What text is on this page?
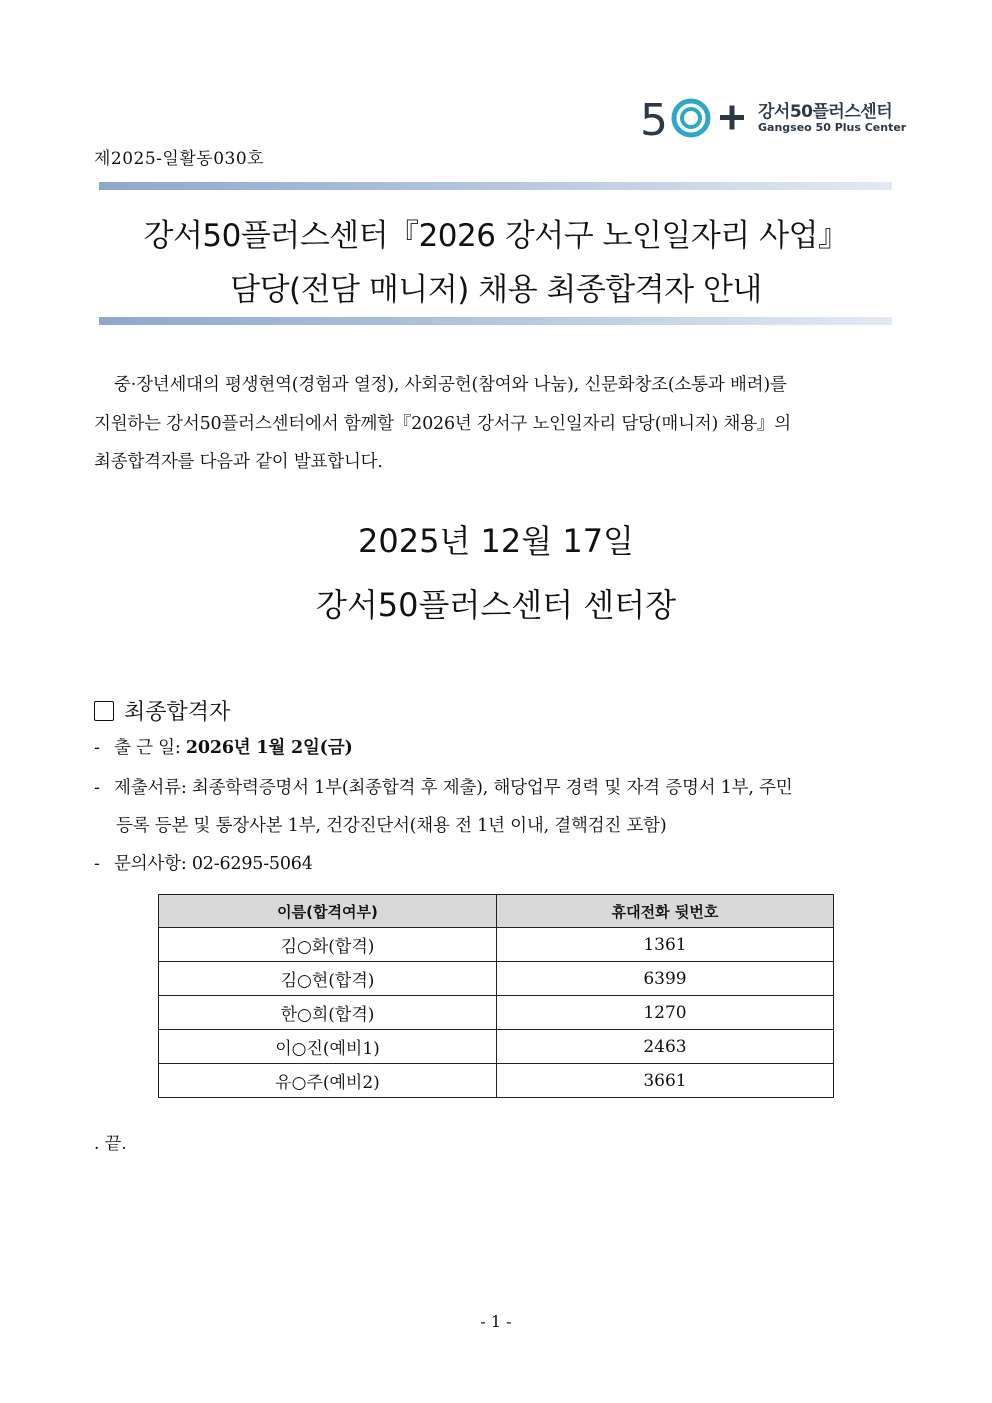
5	강서50플러스센터
Gangseo 50 Plus Center
제2025-일활동030호
강서50플러스센터『2026 강서구 노인일자리 사업』
담당(전담 매니저) 채용 최종합격자 안내

중·장년세대의 평생현역(경험과 열정), 사회공헌(참여와 나눔), 신문화창조(소통과 배려)를

지원하는 강서50플러스센터에서 함께할『2026년 강서구 노인일자리 담당(매니저) 채용』의

최종합격자를 다음과 같이 발표합니다.

2025년 12월 17일
강서50플러스센터 센터장
최종합격자
- 출 근 일: 2026년 1월 2일(금)
- 제출서류: 최종학력증명서 1부(최종합격 후 제출), 해당업무 경력 및 자격 증명서 1부, 주민
등록 등본 및 통장사본 1부, 건강진단서(채용 전 1년 이내, 결핵검진 포함)
- 문의사항: 02-6295-5064
이름(합격여부)	휴대전화 뒷번호
김○화(합격)	1361
김○현(합격)	6399
한○희(합격)	1270
이○진(예비1)	2463
유○주(예비2)	3661
. 끝.
- 1 -
